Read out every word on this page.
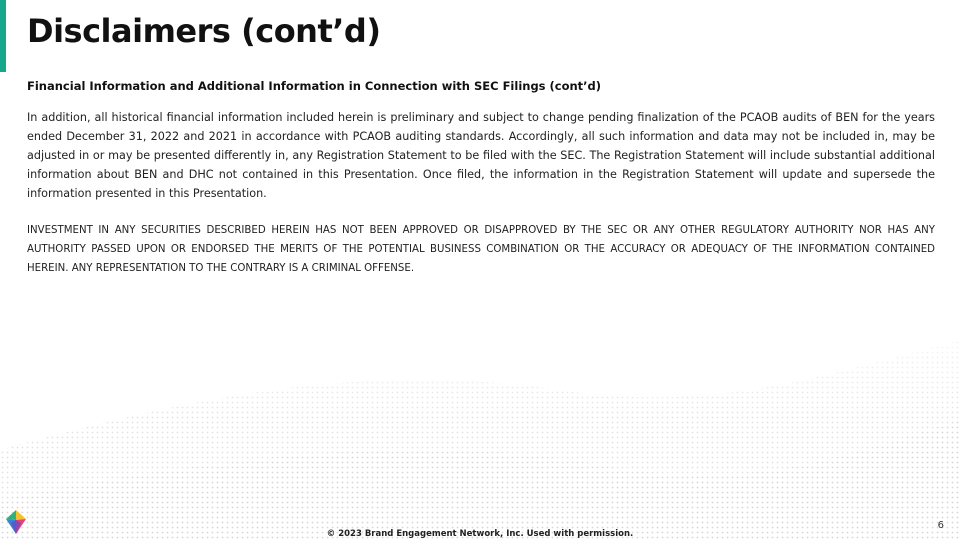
Disclaimers (cont’d)

Financial Information and Additional Information in Connection with SEC Filings (cont’d)

In addition, all historical financial information included herein is preliminary and subject to change pending finalization of the PCAOB audits of BEN for the years ended December 31, 2022 and 2021 in accordance with PCAOB auditing standards. Accordingly, all such information and data may not be included in, may be adjusted in or may be presented differently in, any Registration Statement to be filed with the SEC. The Registration Statement will include substantial additional information about BEN and DHC not contained in this Presentation. Once filed, the information in the Registration Statement will update and supersede the information presented in this Presentation.

INVESTMENT IN ANY SECURITIES DESCRIBED HEREIN HAS NOT BEEN APPROVED OR DISAPPROVED BY THE SEC OR ANY OTHER REGULATORY AUTHORITY NOR HAS ANY AUTHORITY PASSED UPON OR ENDORSED THE MERITS OF THE POTENTIAL BUSINESS COMBINATION OR THE ACCURACY OR ADEQUACY OF THE INFORMATION CONTAINED HEREIN. ANY REPRESENTATION TO THE CONTRARY IS A CRIMINAL OFFENSE.

6
© 2023 Brand Engagement Network, Inc. Used with permission.
